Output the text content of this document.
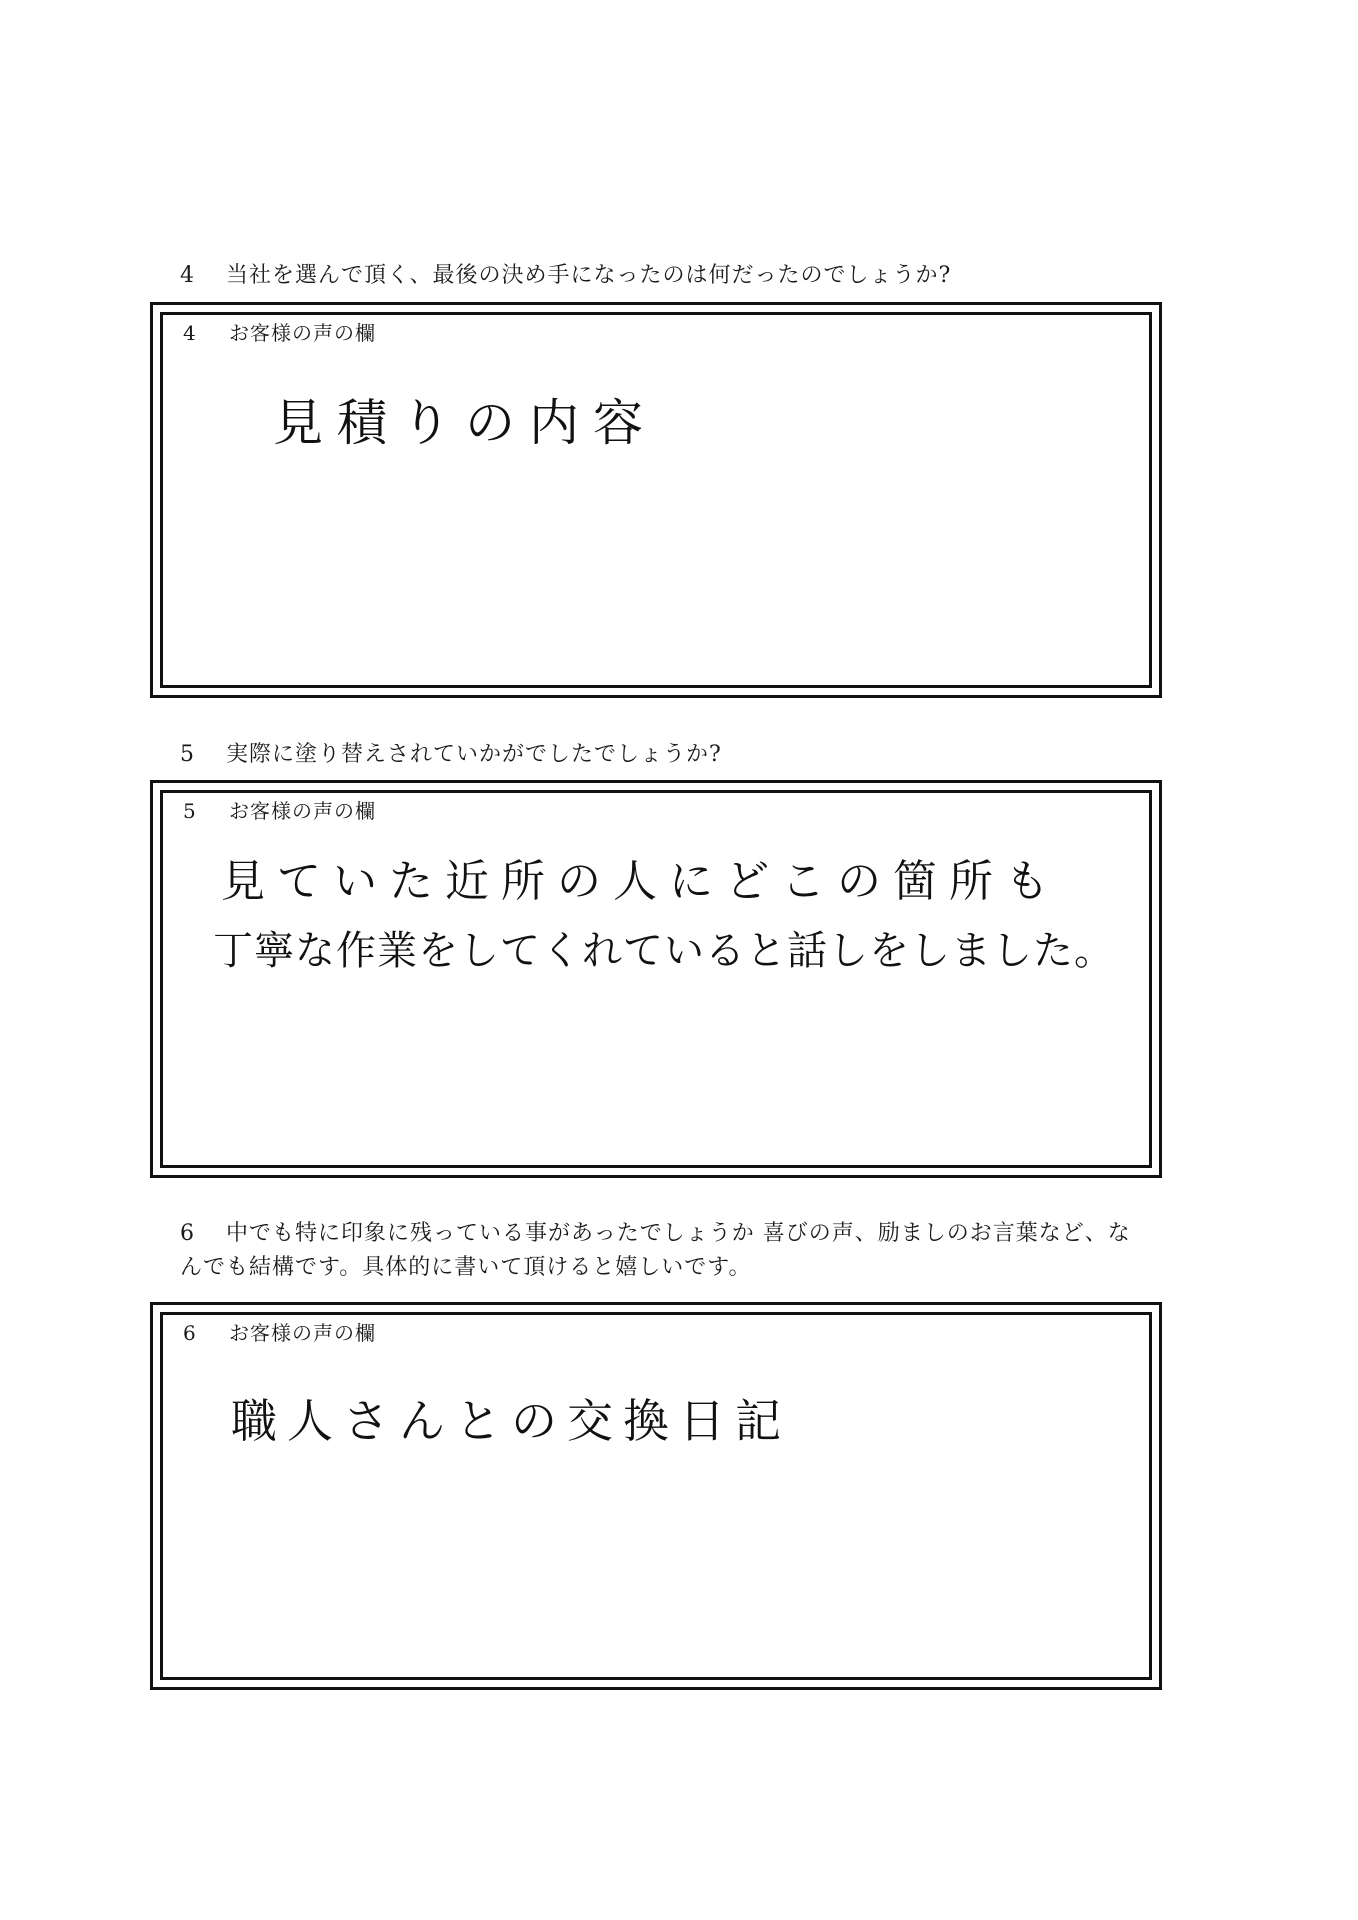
4 当社を選んで頂く、最後の決め手になったのは何だったのでしょうか?
4 お客様の声の欄
見積りの内容
5 実際に塗り替えされていかがでしたでしょうか?
5 お客様の声の欄
見ていた近所の人にどこの箇所も
丁寧な作業をしてくれていると話しをしました。
6 中でも特に印象に残っている事があったでしょうか 喜びの声、励ましのお言葉など、なんでも結構です。具体的に書いて頂けると嬉しいです。
6 お客様の声の欄
職人さんとの交換日記
